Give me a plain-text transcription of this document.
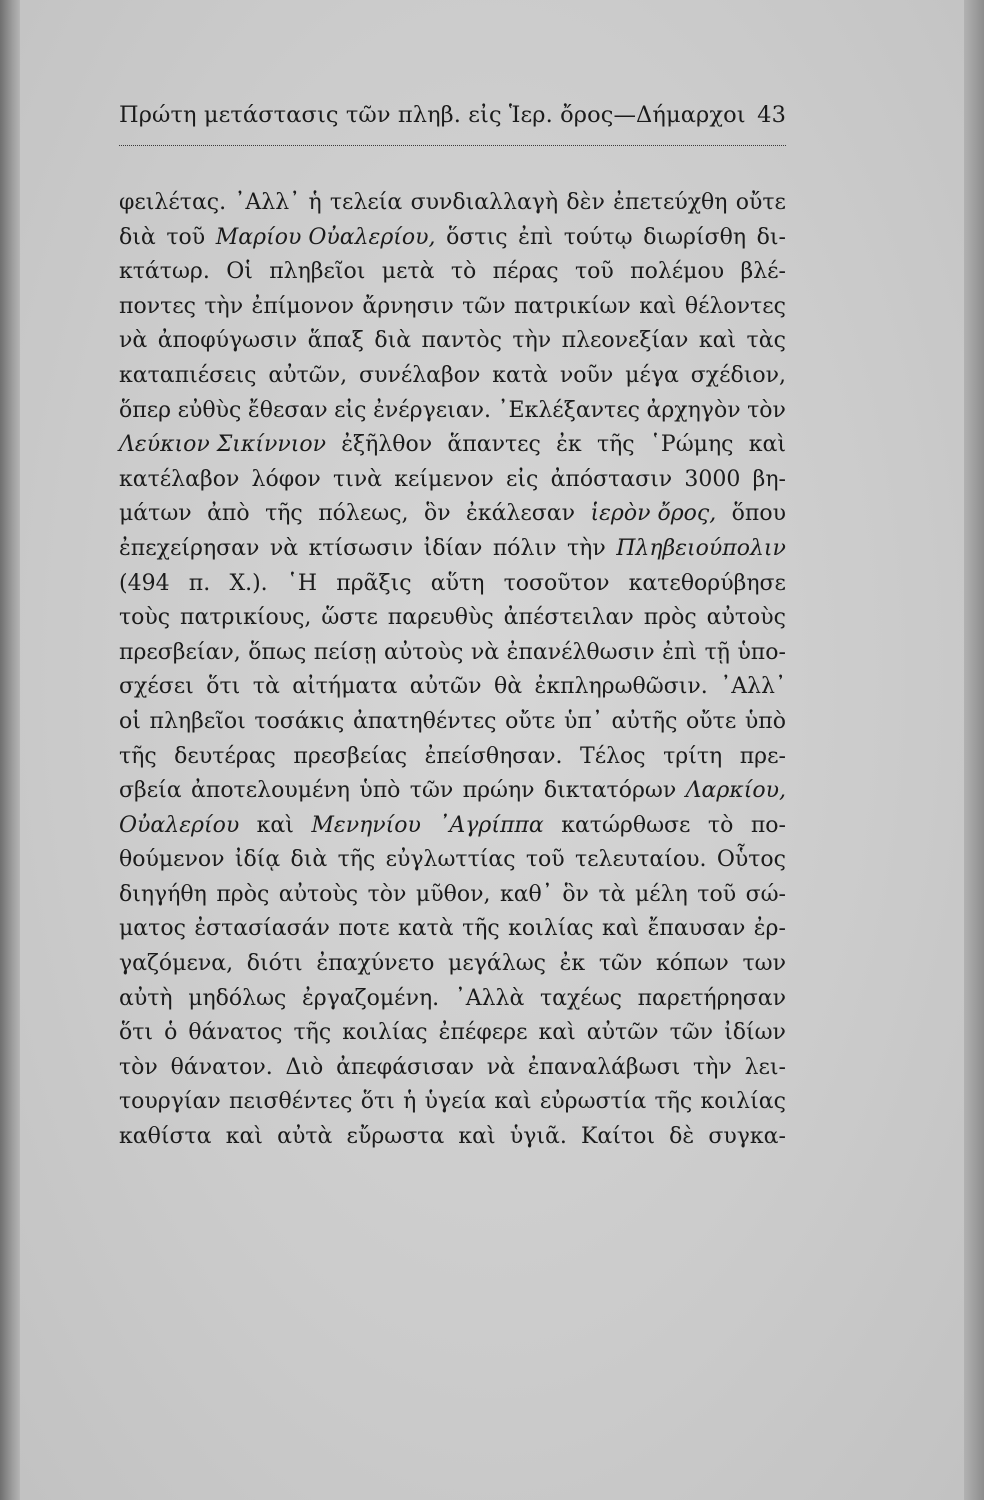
Πρώτη μετάστασις τῶν πληβ. εἰς Ἱερ. ὄρος—Δήμαρχοι 43
φειλέτας. ᾿Αλλ᾿ ἡ τελεία συνδιαλλαγὴ δὲν ἐπετεύχθη οὔτε
διὰ τοῦ Μαρίου Οὐαλερίου, ὅστις ἐπὶ τούτῳ διωρίσθη δι-
κτάτωρ. Οἱ πληβεῖοι μετὰ τὸ πέρας τοῦ πολέμου βλέ-
ποντες τὴν ἐπίμονον ἄρνησιν τῶν πατρικίων καὶ θέλοντες
νὰ ἀποφύγωσιν ἅπαξ διὰ παντὸς τὴν πλεονεξίαν καὶ τὰς
καταπιέσεις αὐτῶν, συνέλαβον κατὰ νοῦν μέγα σχέδιον,
ὅπερ εὐθὺς ἔθεσαν εἰς ἐνέργειαν. ᾿Εκλέξαντες ἀρχηγὸν τὸν
Λεύκιον Σικίννιον ἐξῆλθον ἅπαντες ἐκ τῆς ῾Ρώμης καὶ
κατέλαβον λόφον τινὰ κείμενον εἰς ἀπόστασιν 3000 βη-
μάτων ἀπὸ τῆς πόλεως, ὃν ἐκάλεσαν ἱερὸν ὄρος, ὅπου
ἐπεχείρησαν νὰ κτίσωσιν ἰδίαν πόλιν τὴν Πληβειούπολιν
(494 π. Χ.). ῾Η πρᾶξις αὕτη τοσοῦτον κατεθορύβησε
τοὺς πατρικίους, ὥστε παρευθὺς ἀπέστειλαν πρὸς αὐτοὺς
πρεσβείαν, ὅπως πείσῃ αὐτοὺς νὰ ἐπανέλθωσιν ἐπὶ τῇ ὑπο-
σχέσει ὅτι τὰ αἰτήματα αὐτῶν θὰ ἐκπληρωθῶσιν. ᾿Αλλ᾿
οἱ πληβεῖοι τοσάκις ἀπατηθέντες οὔτε ὑπ᾿ αὐτῆς οὔτε ὑπὸ
τῆς δευτέρας πρεσβείας ἐπείσθησαν. Τέλος τρίτη πρε-
σβεία ἀποτελουμένη ὑπὸ τῶν πρώην δικτατόρων Λαρκίου,
Οὐαλερίου καὶ Μενηνίου ᾿Αγρίππα κατώρθωσε τὸ πο-
θούμενον ἰδίᾳ διὰ τῆς εὐγλωττίας τοῦ τελευταίου. Οὗτος
διηγήθη πρὸς αὐτοὺς τὸν μῦθον, καθ᾿ ὃν τὰ μέλη τοῦ σώ-
ματος ἐστασίασάν ποτε κατὰ τῆς κοιλίας καὶ ἔπαυσαν ἐρ-
γαζόμενα, διότι ἐπαχύνετο μεγάλως ἐκ τῶν κόπων των
αὐτὴ μηδόλως ἐργαζομένη. ᾿Αλλὰ ταχέως παρετήρησαν
ὅτι ὁ θάνατος τῆς κοιλίας ἐπέφερε καὶ αὐτῶν τῶν ἰδίων
τὸν θάνατον. Διὸ ἀπεφάσισαν νὰ ἐπαναλάβωσι τὴν λει-
τουργίαν πεισθέντες ὅτι ἡ ὑγεία καὶ εὐρωστία τῆς κοιλίας
καθίστα καὶ αὐτὰ εὔρωστα καὶ ὑγιᾶ. Καίτοι δὲ συγκα-
